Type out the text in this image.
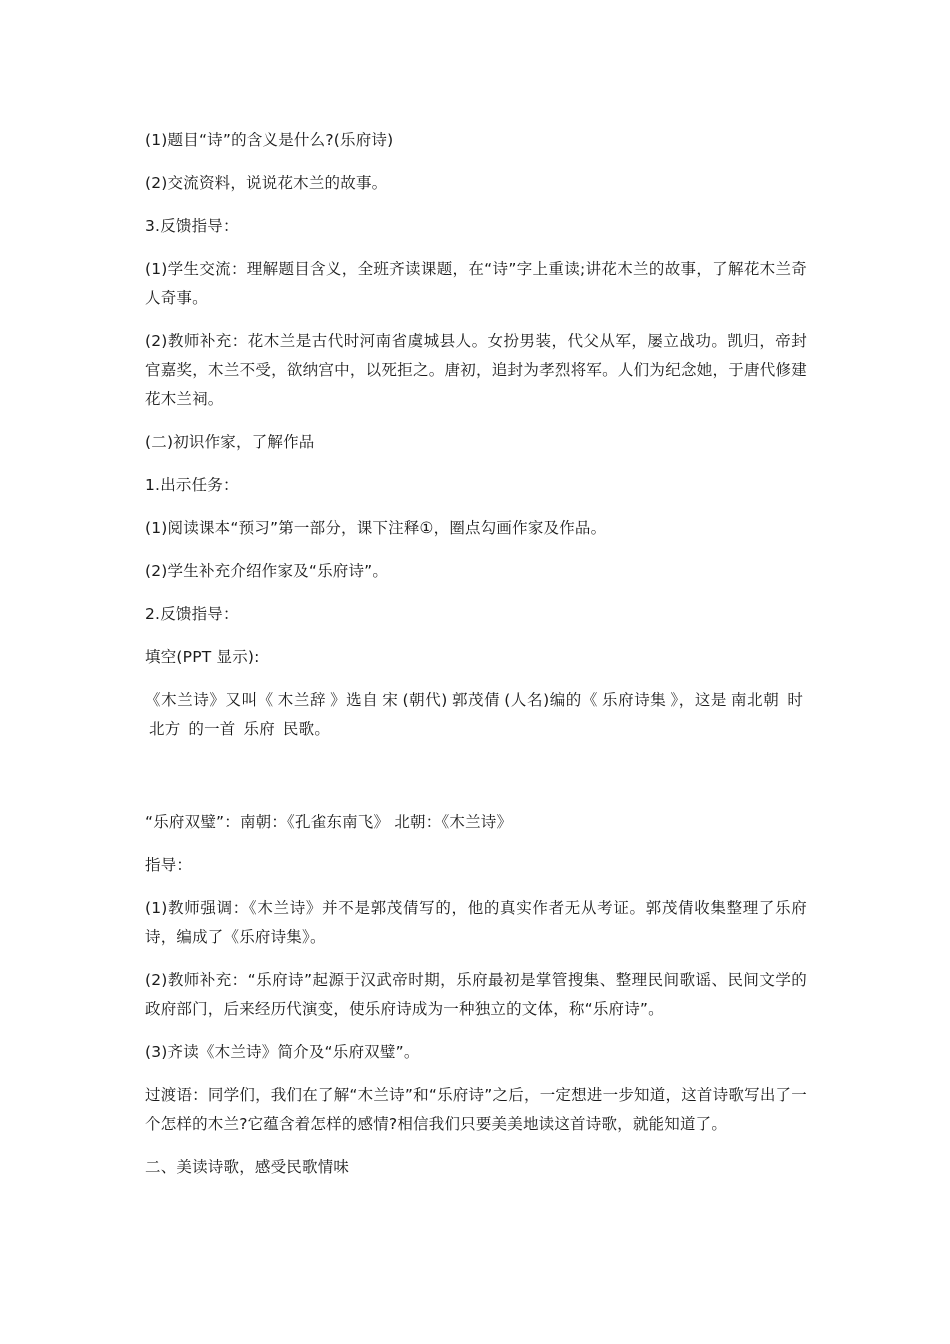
(1)题目“诗”的含义是什么?(乐府诗)

(2)交流资料，说说花木兰的故事。

3.反馈指导：

(1)学生交流：理解题目含义，全班齐读课题，在“诗”字上重读;讲花木兰的故事，了解花木兰奇人奇事。

(2)教师补充：花木兰是古代时河南省虞城县人。女扮男装，代父从军，屡立战功。凯归，帝封官嘉奖，木兰不受，欲纳宫中，以死拒之。唐初，追封为孝烈将军。人们为纪念她，于唐代修建花木兰祠。

(二)初识作家，了解作品

1.出示任务：

(1)阅读课本“预习”第一部分，课下注释①，圈点勾画作家及作品。

(2)学生补充介绍作家及“乐府诗”。

2.反馈指导：

填空(PPT 显示):

《木兰诗》又叫《 木兰辞 》选自 宋 (朝代) 郭茂倩 (人名)编的《 乐府诗集 》，这是 南北朝 时北方 的一首 乐府 民歌。

“乐府双璧”：南朝：《孔雀东南飞》 北朝：《木兰诗》

指导：

(1)教师强调：《木兰诗》并不是郭茂倩写的，他的真实作者无从考证。郭茂倩收集整理了乐府诗，编成了《乐府诗集》。

(2)教师补充：“乐府诗”起源于汉武帝时期，乐府最初是掌管搜集、整理民间歌谣、民间文学的政府部门，后来经历代演变，使乐府诗成为一种独立的文体，称“乐府诗”。

(3)齐读《木兰诗》简介及“乐府双璧”。

过渡语：同学们，我们在了解“木兰诗”和“乐府诗”之后，一定想进一步知道，这首诗歌写出了一个怎样的木兰?它蕴含着怎样的感情?相信我们只要美美地读这首诗歌，就能知道了。

二、美读诗歌，感受民歌情味
